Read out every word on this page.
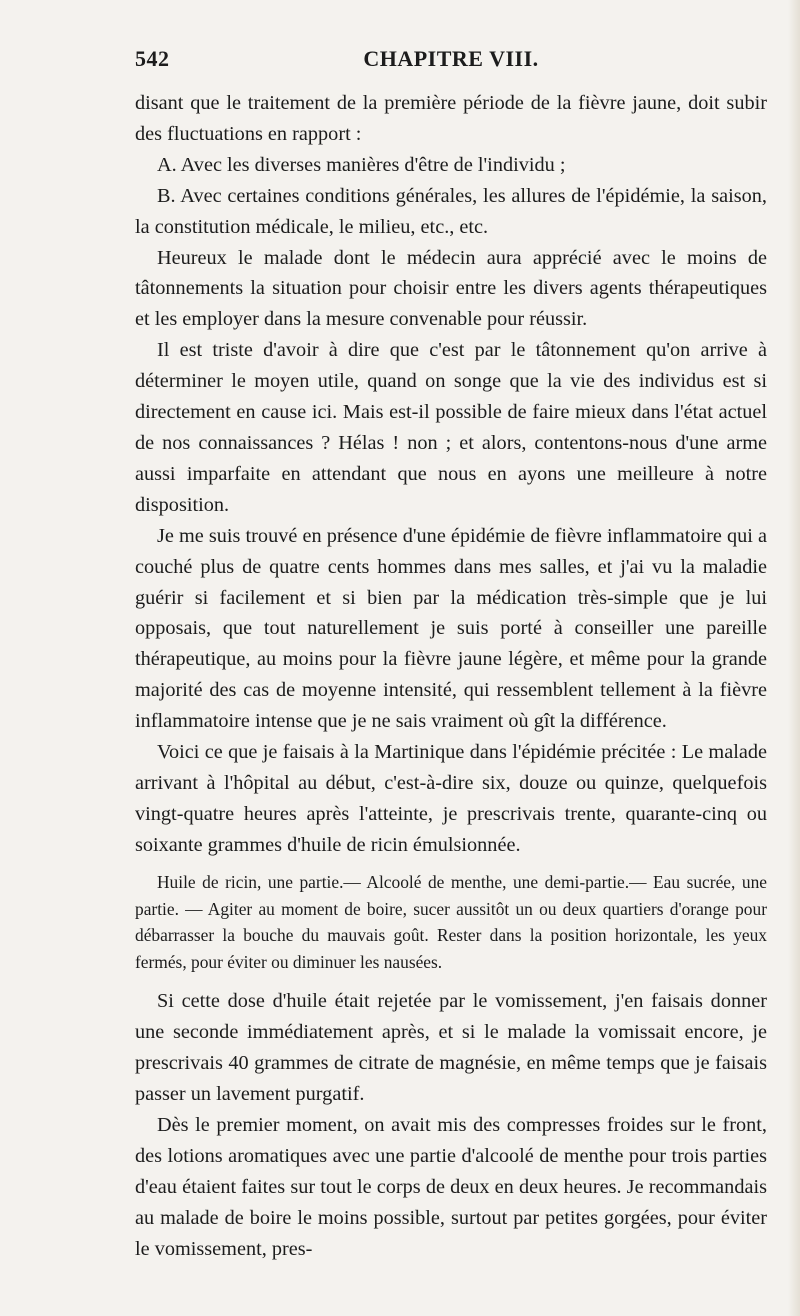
542	CHAPITRE VIII.

disant que le traitement de la première période de la fièvre jaune, doit subir des fluctuations en rapport :

A. Avec les diverses manières d'être de l'individu ;

B. Avec certaines conditions générales, les allures de l'épidémie, la saison, la constitution médicale, le milieu, etc., etc.

Heureux le malade dont le médecin aura apprécié avec le moins de tâtonnements la situation pour choisir entre les divers agents thérapeutiques et les employer dans la mesure convenable pour réussir.

Il est triste d'avoir à dire que c'est par le tâtonnement qu'on arrive à déterminer le moyen utile, quand on songe que la vie des individus est si directement en cause ici. Mais est-il possible de faire mieux dans l'état actuel de nos connaissances ? Hélas ! non ; et alors, contentons-nous d'une arme aussi imparfaite en attendant que nous en ayons une meilleure à notre disposition.

Je me suis trouvé en présence d'une épidémie de fièvre inflammatoire qui a couché plus de quatre cents hommes dans mes salles, et j'ai vu la maladie guérir si facilement et si bien par la médication très-simple que je lui opposais, que tout naturellement je suis porté à conseiller une pareille thérapeutique, au moins pour la fièvre jaune légère, et même pour la grande majorité des cas de moyenne intensité, qui ressemblent tellement à la fièvre inflammatoire intense que je ne sais vraiment où gît la différence.

Voici ce que je faisais à la Martinique dans l'épidémie précitée : Le malade arrivant à l'hôpital au début, c'est-à-dire six, douze ou quinze, quelquefois vingt-quatre heures après l'atteinte, je prescrivais trente, quarante-cinq ou soixante grammes d'huile de ricin émulsionnée.

Huile de ricin, une partie.— Alcoolé de menthe, une demi-partie.— Eau sucrée, une partie. — Agiter au moment de boire, sucer aussitôt un ou deux quartiers d'orange pour débarrasser la bouche du mauvais goût. Rester dans la position horizontale, les yeux fermés, pour éviter ou diminuer les nausées.

Si cette dose d'huile était rejetée par le vomissement, j'en faisais donner une seconde immédiatement après, et si le malade la vomissait encore, je prescrivais 40 grammes de citrate de magnésie, en même temps que je faisais passer un lavement purgatif.

Dès le premier moment, on avait mis des compresses froides sur le front, des lotions aromatiques avec une partie d'alcoolé de menthe pour trois parties d'eau étaient faites sur tout le corps de deux en deux heures. Je recommandais au malade de boire le moins possible, surtout par petites gorgées, pour éviter le vomissement, pres-
